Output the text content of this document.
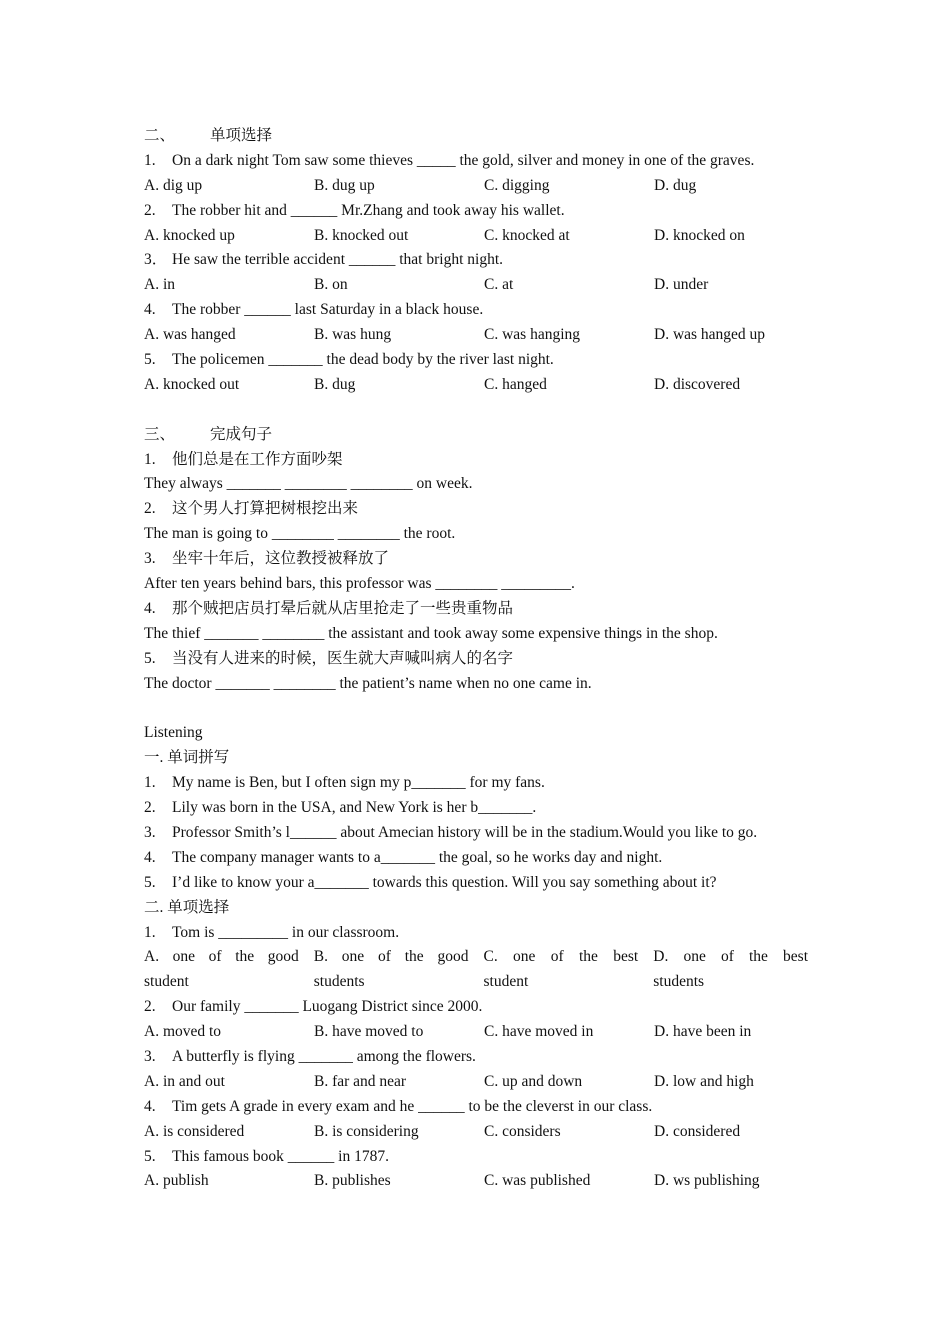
二、 单项选择
1. On a dark night Tom saw some thieves _____ the gold, silver and money in one of the graves.
A. dig up	B. dug up	C. digging	D. dug
2. The robber hit and ______ Mr.Zhang and took away his wallet.
A. knocked up	B. knocked out	C. knocked at	D. knocked on
3． He saw the terrible accident ______ that bright night.
A. in	B. on	C. at	D. under
4. The robber ______ last Saturday in a black house.
A. was hanged	B. was hung	C. was hanging	D. was hanged up
5. The policemen _______ the dead body by the river last night.
A. knocked out	B. dug	C. hanged	D. discovered
三、 完成句子
1. 他们总是在工作方面吵架
They always _______ ________ ________ on week.
2. 这个男人打算把树根挖出来
The man is going to ________ ________ the root.
3. 坐牢十年后，这位教授被释放了
After ten years behind bars, this professor was ________ _________.
4. 那个贼把店员打晕后就从店里抢走了一些贵重物品
The thief _______ ________ the assistant and took away some expensive things in the shop.
5. 当没有人进来的时候，医生就大声喊叫病人的名字
The doctor _______ ________ the patient’s name when no one came in.
Listening
一. 单词拼写
1. My name is Ben, but I often sign my p_______ for my fans.
2. Lily was born in the USA, and New York is her b_______.
3. Professor Smith’s l______ about Amecian history will be in the stadium.Would you like to go.
4. The company manager wants to a_______ the goal, so he works day and night.
5. I’d like to know your a_______ towards this question. Will you say something about it?
二. 单项选择
1. Tom is _________ in our classroom.
A. one of the good student
B. one of the good students
C. one of the best student
D. one of the best students
2. Our family _______ Luogang District since 2000.
A. moved to	B. have moved to	C. have moved in	D. have been in
3. A butterfly is flying _______ among the flowers.
A. in and out	B. far and near	C. up and down	D. low and high
4. Tim gets A grade in every exam and he ______ to be the cleverst in our class.
A. is considered	B. is considering	C. considers	D. considered
5. This famous book ______ in 1787.
A. publish	B. publishes	C. was published	D. ws publishing
